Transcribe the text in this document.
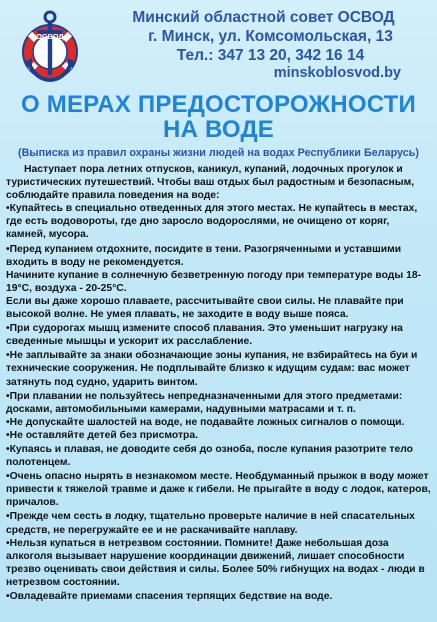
ОСВОД
Минский областной совет ОСВОД
г. Минск, ул. Комсомольская, 13
Тел.: 347 13 20, 342 16 14
minskoblosvod.by
О МЕРАХ ПРЕДОСТОРОЖНОСТИ
НА ВОДЕ
(Выписка из правил охраны жизни людей на водах Республики Беларусь)

Наступает пора летних отпусков, каникул, купаний, лодочных прогулок и туристических путешествий. Чтобы ваш отдых был радостным и безопасным, соблюдайте правила поведения на воде:

•Купайтесь в специально отведенных для этого местах. Не купайтесь в местах, где есть водовороты, где дно заросло водорослями, не очищено от коряг, камней, мусора.

•Перед купанием отдохните, посидите в тени. Разогряченными и уставшими входить в воду не рекомендуется.

Начините купание в солнечную безветренную погоду при температуре воды 18-19°С, воздуха - 20-25°С.

Если вы даже хорошо плаваете, рассчитывайте свои силы. Не плавайте при высокой волне. Не умея плавать, не заходите в воду выше пояса.

•При судорогах мышц измените способ плавания. Это уменьшит нагрузку на сведенные мышцы и ускорит их расслабление.

•Не заплывайте за знаки обозначающие зоны купания, не взбирайтесь на буи и технические сооружения. Не подплывайте близко к идущим судам: вас может затянуть под судно, ударить винтом.

•При плавании не пользуйтесь непредназначенными для этого предметами: досками, автомобильными камерами, надувными матрасами и т. п.

•Не допускайте шалостей на воде, не подавайте ложных сигналов о помощи.

•Не оставляйте детей без присмотра.

•Купаясь и плавая, не доводите себя до озноба, после купания разотрите тело полотенцем.

•Очень опасно нырять в незнакомом месте. Необдуманный прыжок в воду может привести к тяжелой травме и даже к гибели. Не прыгайте в воду с лодок, катеров, причалов.

•Прежде чем сесть в лодку, тщательно проверьте наличие в ней спасательных средств, не перегружайте ее и не раскачивайте наплаву.

•Нельзя купаться в нетрезвом состоянии. Помните! Даже небольшая доза алкоголя вызывает нарушение координации движений, лишает способности трезво оценивать свои действия и силы. Более 50% гибнущих на водах - люди в нетрезвом состоянии.

•Овладевайте приемами спасения терпящих бедствие на воде.
